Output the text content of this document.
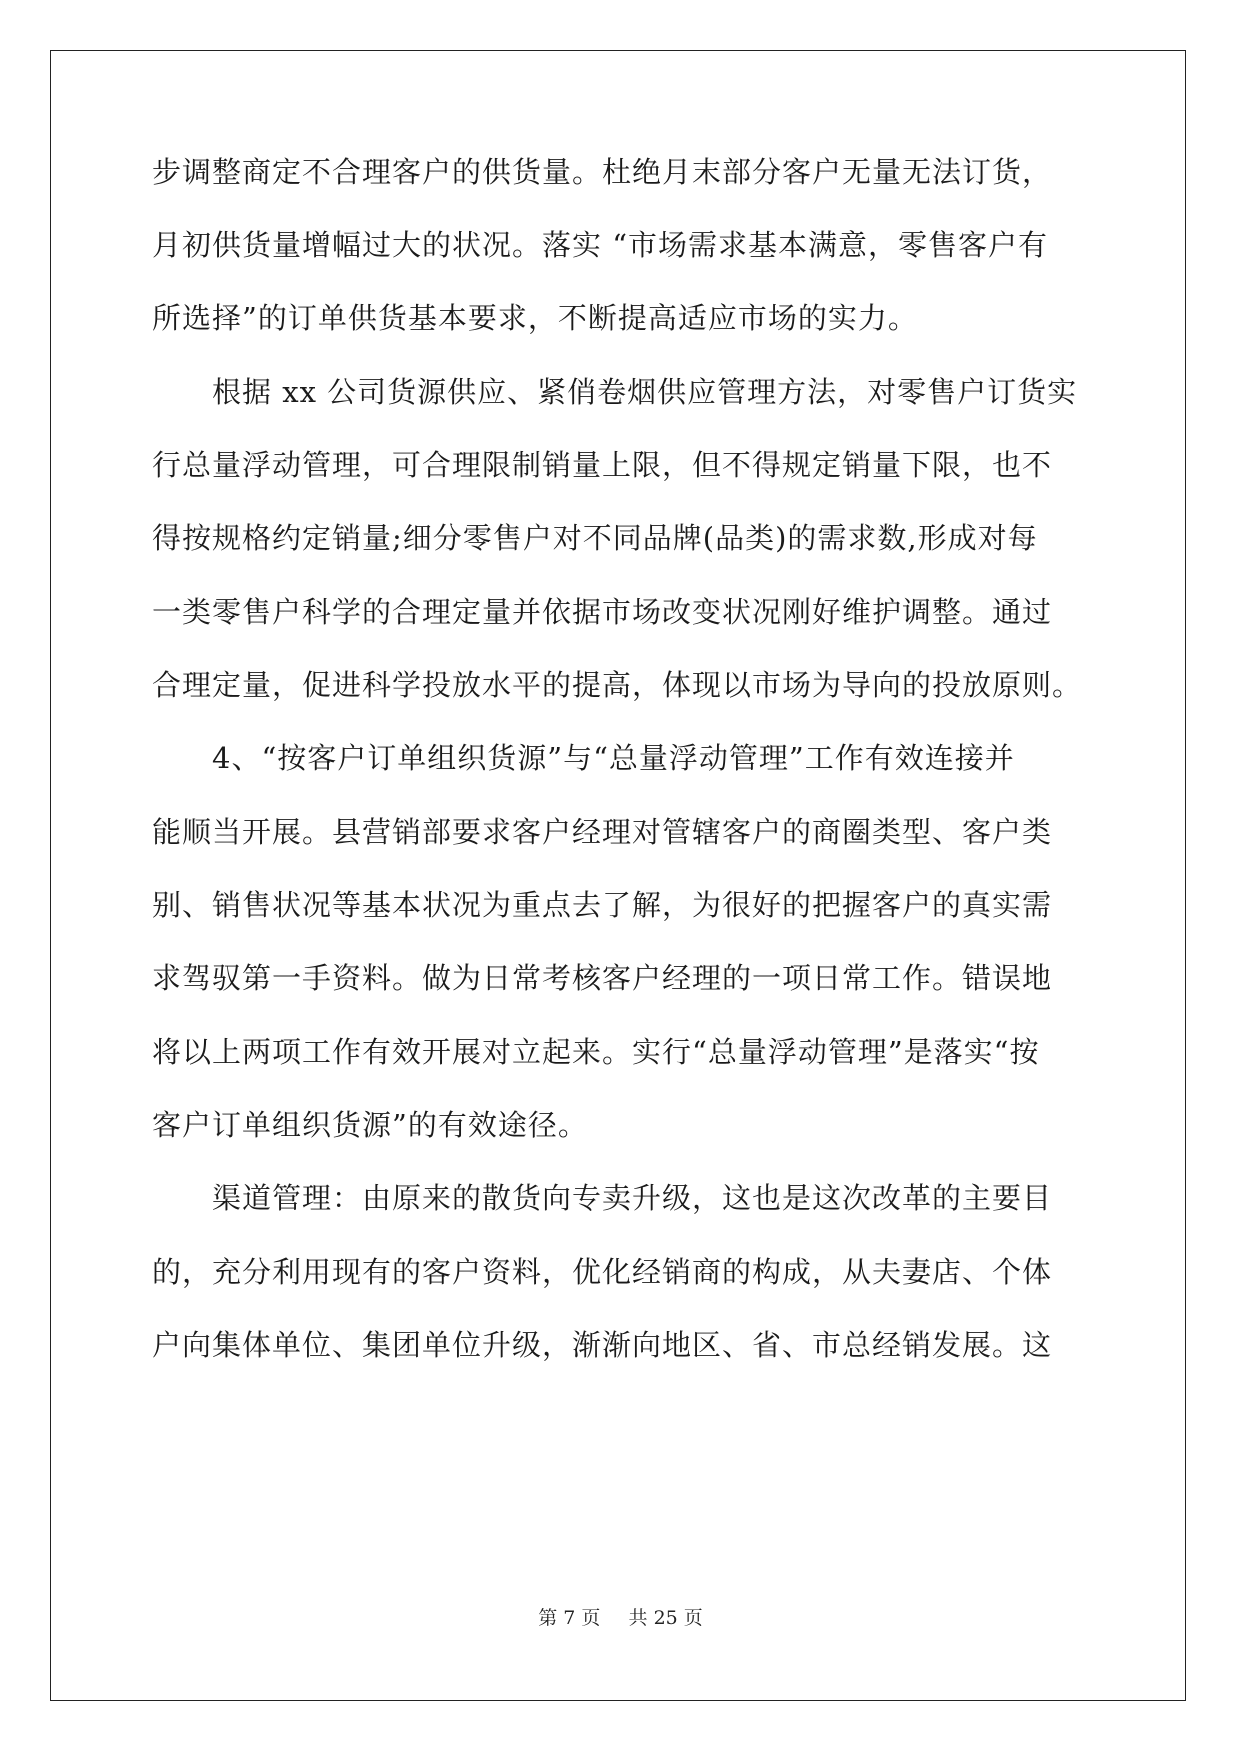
步调整商定不合理客户的供货量。杜绝月末部分客户无量无法订货，
月初供货量增幅过大的状况。落实 “市场需求基本满意，零售客户有
所选择”的订单供货基本要求，不断提高适应市场的实力。
　　根据 xx 公司货源供应、紧俏卷烟供应管理方法，对零售户订货实
行总量浮动管理，可合理限制销量上限，但不得规定销量下限，也不
得按规格约定销量;细分零售户对不同品牌(品类)的需求数,形成对每
一类零售户科学的合理定量并依据市场改变状况刚好维护调整。通过
合理定量，促进科学投放水平的提高，体现以市场为导向的投放原则。
　　4、“按客户订单组织货源”与“总量浮动管理”工作有效连接并
能顺当开展。县营销部要求客户经理对管辖客户的商圈类型、客户类
别、销售状况等基本状况为重点去了解，为很好的把握客户的真实需
求驾驭第一手资料。做为日常考核客户经理的一项日常工作。错误地
将以上两项工作有效开展对立起来。实行“总量浮动管理”是落实“按
客户订单组织货源”的有效途径。
　　渠道管理：由原来的散货向专卖升级，这也是这次改革的主要目
的，充分利用现有的客户资料，优化经销商的构成，从夫妻店、个体
户向集体单位、集团单位升级，渐渐向地区、省、市总经销发展。这
第 7 页 共 25 页
